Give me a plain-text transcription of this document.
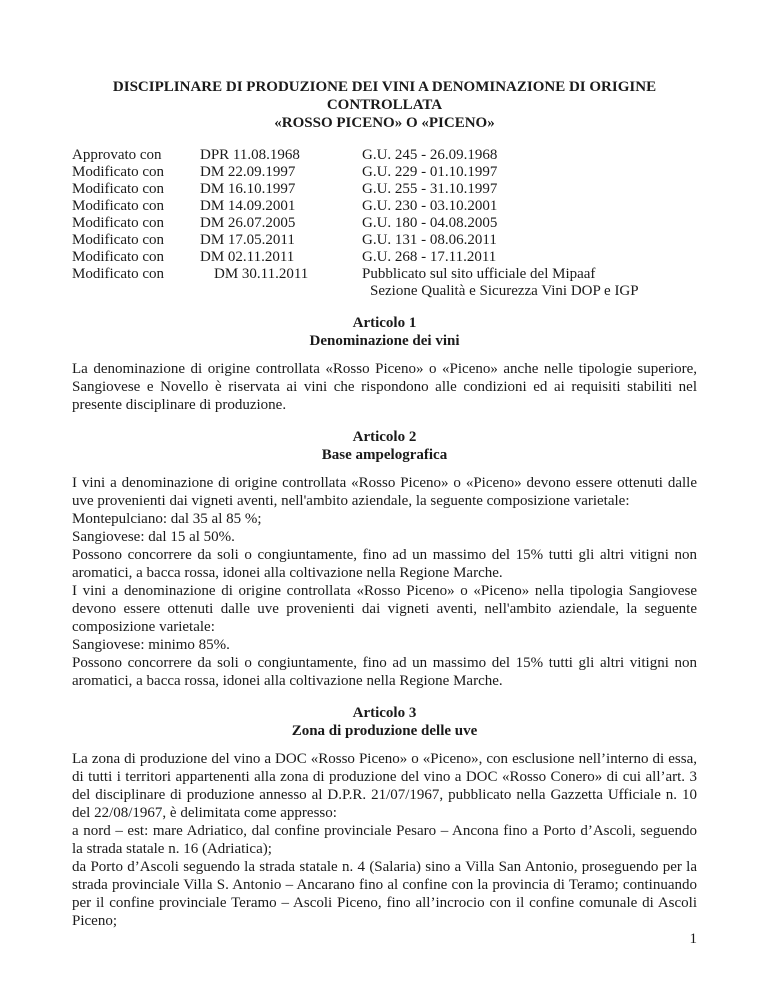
DISCIPLINARE DI PRODUZIONE DEI VINI A DENOMINAZIONE DI ORIGINE
CONTROLLATA
«ROSSO PICENO» O «PICENO»
Approvato con	DPR 11.08.1968	G.U. 245 - 26.09.1968
Modificato con	DM 22.09.1997	G.U. 229 - 01.10.1997
Modificato con	DM 16.10.1997	G.U. 255 - 31.10.1997
Modificato con	DM 14.09.2001	G.U. 230 - 03.10.2001
Modificato con	DM 26.07.2005	G.U. 180 - 04.08.2005
Modificato con	DM 17.05.2011	G.U. 131 - 08.06.2011
Modificato con	DM 02.11.2011	G.U. 268 - 17.11.2011
Modificato con	DM 30.11.2011	Pubblicato sul sito ufficiale del Mipaaf
Sezione Qualità e Sicurezza Vini DOP e IGP
Articolo 1
Denominazione dei vini

La denominazione di origine controllata «Rosso Piceno» o «Piceno» anche nelle tipologie superiore, Sangiovese e Novello è riservata ai vini che rispondono alle condizioni ed ai requisiti stabiliti nel presente disciplinare di produzione.

Articolo 2
Base ampelografica

I vini a denominazione di origine controllata «Rosso Piceno» o «Piceno» devono essere ottenuti dalle uve provenienti dai vigneti aventi, nell'ambito aziendale, la seguente composizione varietale:

Montepulciano: dal 35 al 85 %;

Sangiovese: dal 15 al 50%.

Possono concorrere da soli o congiuntamente, fino ad un massimo del 15% tutti gli altri vitigni non aromatici, a bacca rossa, idonei alla coltivazione nella Regione Marche.

I vini a denominazione di origine controllata «Rosso Piceno» o «Piceno» nella tipologia Sangiovese devono essere ottenuti dalle uve provenienti dai vigneti aventi, nell'ambito aziendale, la seguente composizione varietale:

Sangiovese: minimo 85%.

Possono concorrere da soli o congiuntamente, fino ad un massimo del 15% tutti gli altri vitigni non aromatici, a bacca rossa, idonei alla coltivazione nella Regione Marche.

Articolo 3
Zona di produzione delle uve

La zona di produzione del vino a DOC «Rosso Piceno» o «Piceno», con esclusione nell’interno di essa, di tutti i territori appartenenti alla zona di produzione del vino a DOC «Rosso Conero» di cui all’art. 3 del disciplinare di produzione annesso al D.P.R. 21/07/1967, pubblicato nella Gazzetta Ufficiale n. 10 del 22/08/1967, è delimitata come appresso:

a nord – est: mare Adriatico, dal confine provinciale Pesaro – Ancona fino a Porto d’Ascoli, seguendo la strada statale n. 16 (Adriatica);

da Porto d’Ascoli seguendo la strada statale n. 4 (Salaria) sino a Villa San Antonio, proseguendo per la strada provinciale Villa S. Antonio – Ancarano fino al confine con la provincia di Teramo; continuando per il confine provinciale Teramo – Ascoli Piceno, fino all’incrocio con il confine comunale di Ascoli Piceno;

1
